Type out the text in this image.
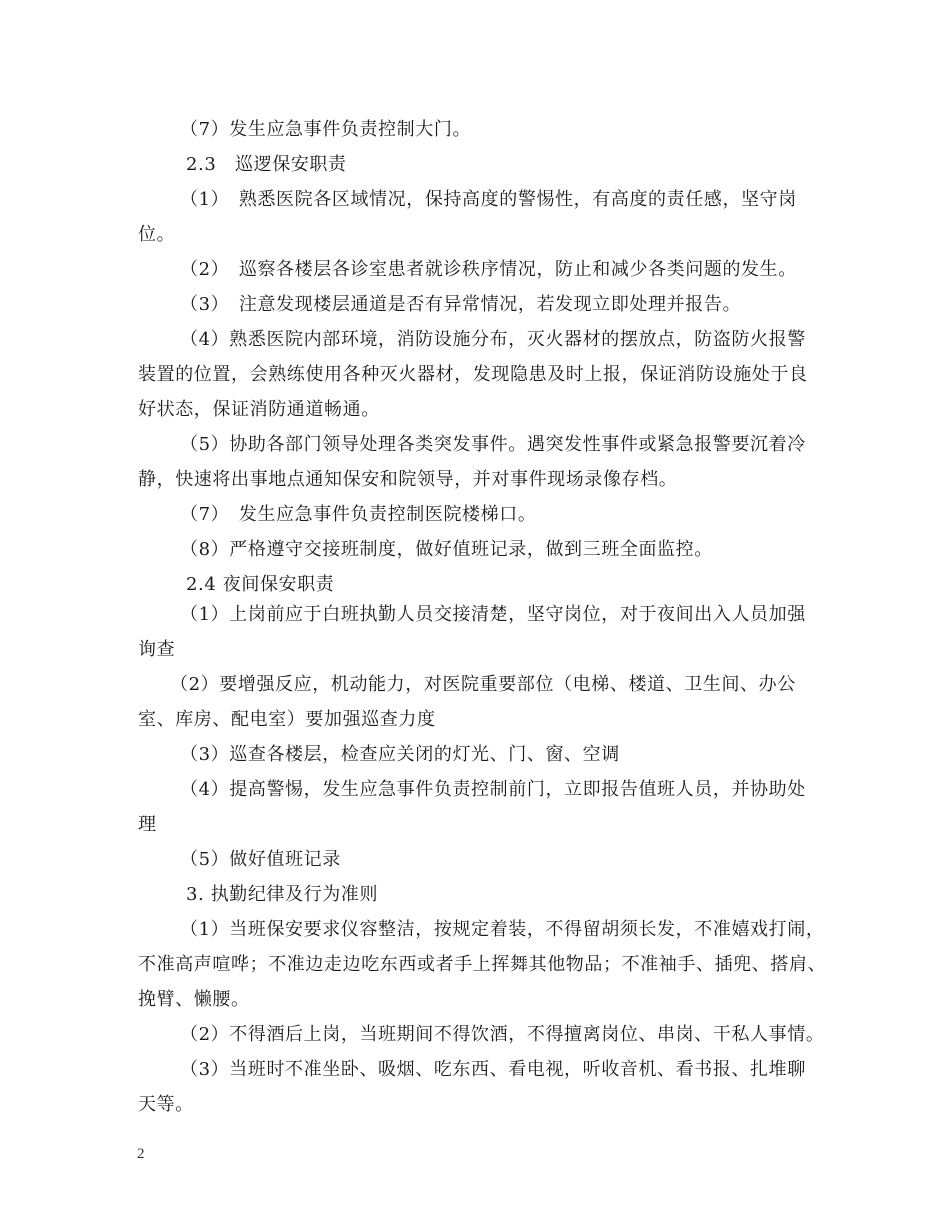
（7）发生应急事件负责控制大门。
2.3　巡逻保安职责
（1）　熟悉医院各区域情况，保持高度的警惕性，有高度的责任感，坚守岗
位。
（2）　巡察各楼层各诊室患者就诊秩序情况，防止和减少各类问题的发生。
（3）　注意发现楼层通道是否有异常情况，若发现立即处理并报告。
（4）熟悉医院内部环境，消防设施分布，灭火器材的摆放点，防盗防火报警
装置的位置，会熟练使用各种灭火器材，发现隐患及时上报，保证消防设施处于良
好状态，保证消防通道畅通。
（5）协助各部门领导处理各类突发事件。遇突发性事件或紧急报警要沉着冷
静，快速将出事地点通知保安和院领导，并对事件现场录像存档。
（7）　发生应急事件负责控制医院楼梯口。
（8）严格遵守交接班制度，做好值班记录，做到三班全面监控。
2.4 夜间保安职责
（1）上岗前应于白班执勤人员交接清楚，坚守岗位，对于夜间出入人员加强
询查
（2）要增强反应，机动能力，对医院重要部位（电梯、楼道、卫生间、办公
室、库房、配电室）要加强巡查力度
（3）巡查各楼层，检查应关闭的灯光、门、窗、空调
（4）提高警惕，发生应急事件负责控制前门，立即报告值班人员，并协助处
理
（5）做好值班记录
3. 执勤纪律及行为准则
（1）当班保安要求仪容整洁，按规定着装，不得留胡须长发，不准嬉戏打闹，
不准高声喧哗；不准边走边吃东西或者手上挥舞其他物品；不准袖手、插兜、搭肩、
挽臂、懒腰。
（2）不得酒后上岗，当班期间不得饮酒，不得擅离岗位、串岗、干私人事情。
（3）当班时不准坐卧、吸烟、吃东西、看电视，听收音机、看书报、扎堆聊
天等。
2
